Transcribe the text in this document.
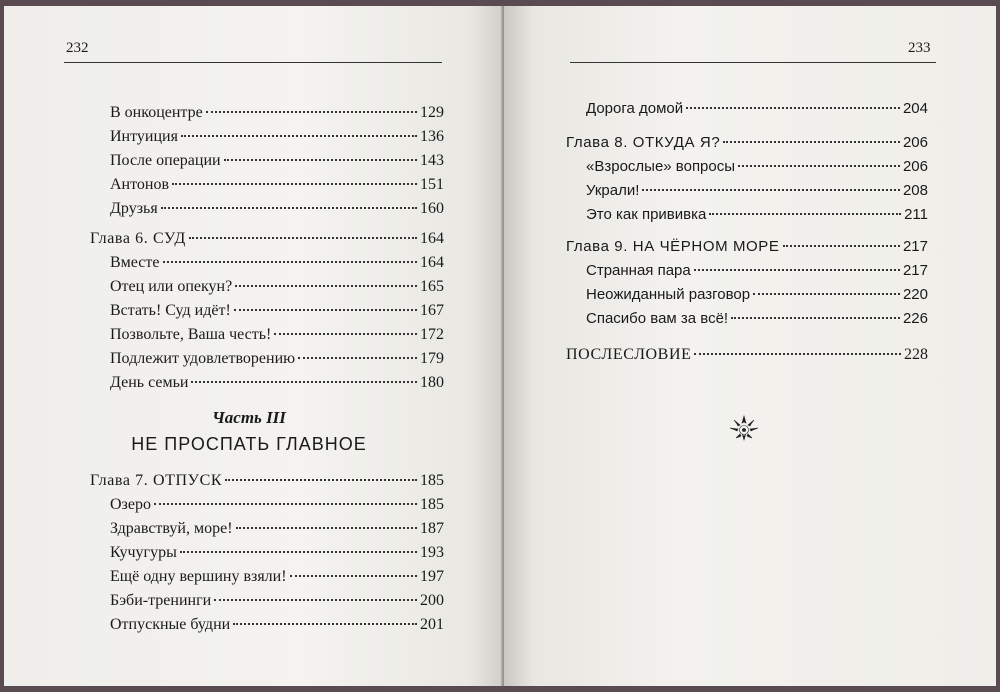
232
В онкоцентре	129
Интуиция	136
После операции	143
Антонов	151
Друзья	160
Глава 6. СУД	164
Вместе	164
Отец или опекун?	165
Встать! Суд идёт!	167
Позвольте, Ваша честь!	172
Подлежит удовлетворению	179
День семьи	180
Часть III
НЕ ПРОСПАТЬ ГЛАВНОЕ
Глава 7. ОТПУСК	185
Озеро	185
Здравствуй, море!	187
Кучугуры	193
Ещё одну вершину взяли!	197
Бэби-тренинги	200
Отпускные будни	201
233
Дорога домой	204
Глава 8. ОТКУДА Я?	206
«Взрослые» вопросы	206
Украли!	208
Это как прививка	211
Глава 9. НА ЧЁРНОМ МОРЕ	217
Странная пара	217
Неожиданный разговор	220
Спасибо вам за всё!	226
ПОСЛЕСЛОВИЕ	228
